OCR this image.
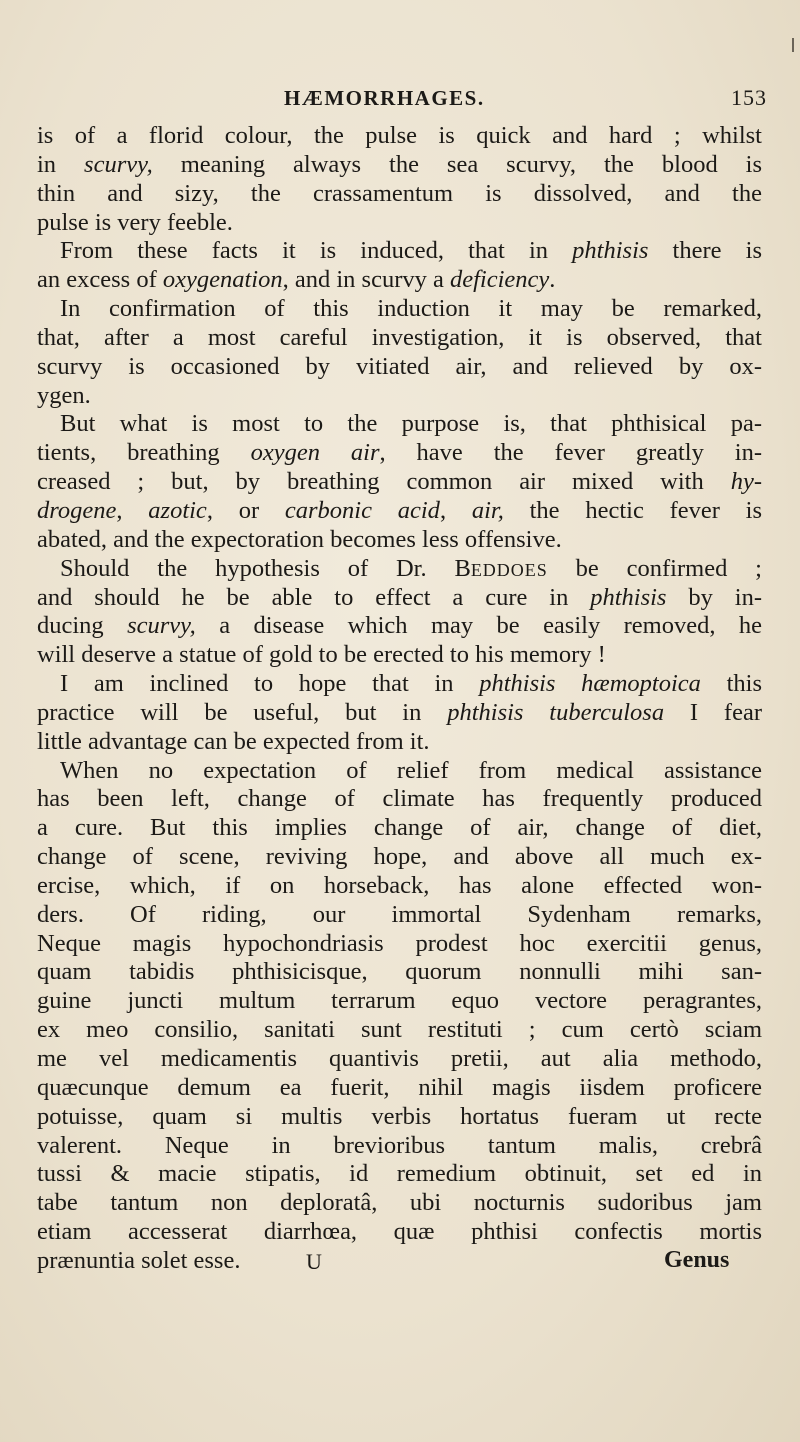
HÆMORRHAGES.	153
is of a florid colour, the pulse is quick and hard ; whilst
in scurvy, meaning always the sea scurvy, the blood is
thin and sizy, the crassamentum is dissolved, and the
pulse is very feeble.
From these facts it is induced, that in phthisis there is
an excess of oxygenation, and in scurvy a deficiency.
In confirmation of this induction it may be remarked,
that, after a most careful investigation, it is observed, that
scurvy is occasioned by vitiated air, and relieved by ox-
ygen.
But what is most to the purpose is, that phthisical pa-
tients, breathing oxygen air, have the fever greatly in-
creased ; but, by breathing common air mixed with hy-
drogene, azotic, or carbonic acid, air, the hectic fever is
abated, and the expectoration becomes less offensive.
Should the hypothesis of Dr. BEDDOES be confirmed ;
and should he be able to effect a cure in phthisis by in-
ducing scurvy, a disease which may be easily removed, he
will deserve a statue of gold to be erected to his memory !
I am inclined to hope that in phthisis hæmoptoica this
practice will be useful, but in phthisis tuberculosa I fear
little advantage can be expected from it.
When no expectation of relief from medical assistance
has been left, change of climate has frequently produced
a cure. But this implies change of air, change of diet,
change of scene, reviving hope, and above all much ex-
ercise, which, if on horseback, has alone effected won-
ders. Of riding, our immortal Sydenham remarks,
Neque magis hypochondriasis prodest hoc exercitii genus,
quam tabidis phthisicisque, quorum nonnulli mihi san-
guine juncti multum terrarum equo vectore peragrantes,
ex meo consilio, sanitati sunt restituti ; cum certò sciam
me vel medicamentis quantivis pretii, aut alia methodo,
quæcunque demum ea fuerit, nihil magis iisdem proficere
potuisse, quam si multis verbis hortatus fueram ut recte
valerent. Neque in brevioribus tantum malis, crebrâ
tussi & macie stipatis, id remedium obtinuit, set ed in
tabe tantum non deploratâ, ubi nocturnis sudoribus jam
etiam accesserat diarrhœa, quæ phthisi confectis mortis
prænuntia solet esse.	U	Genus
